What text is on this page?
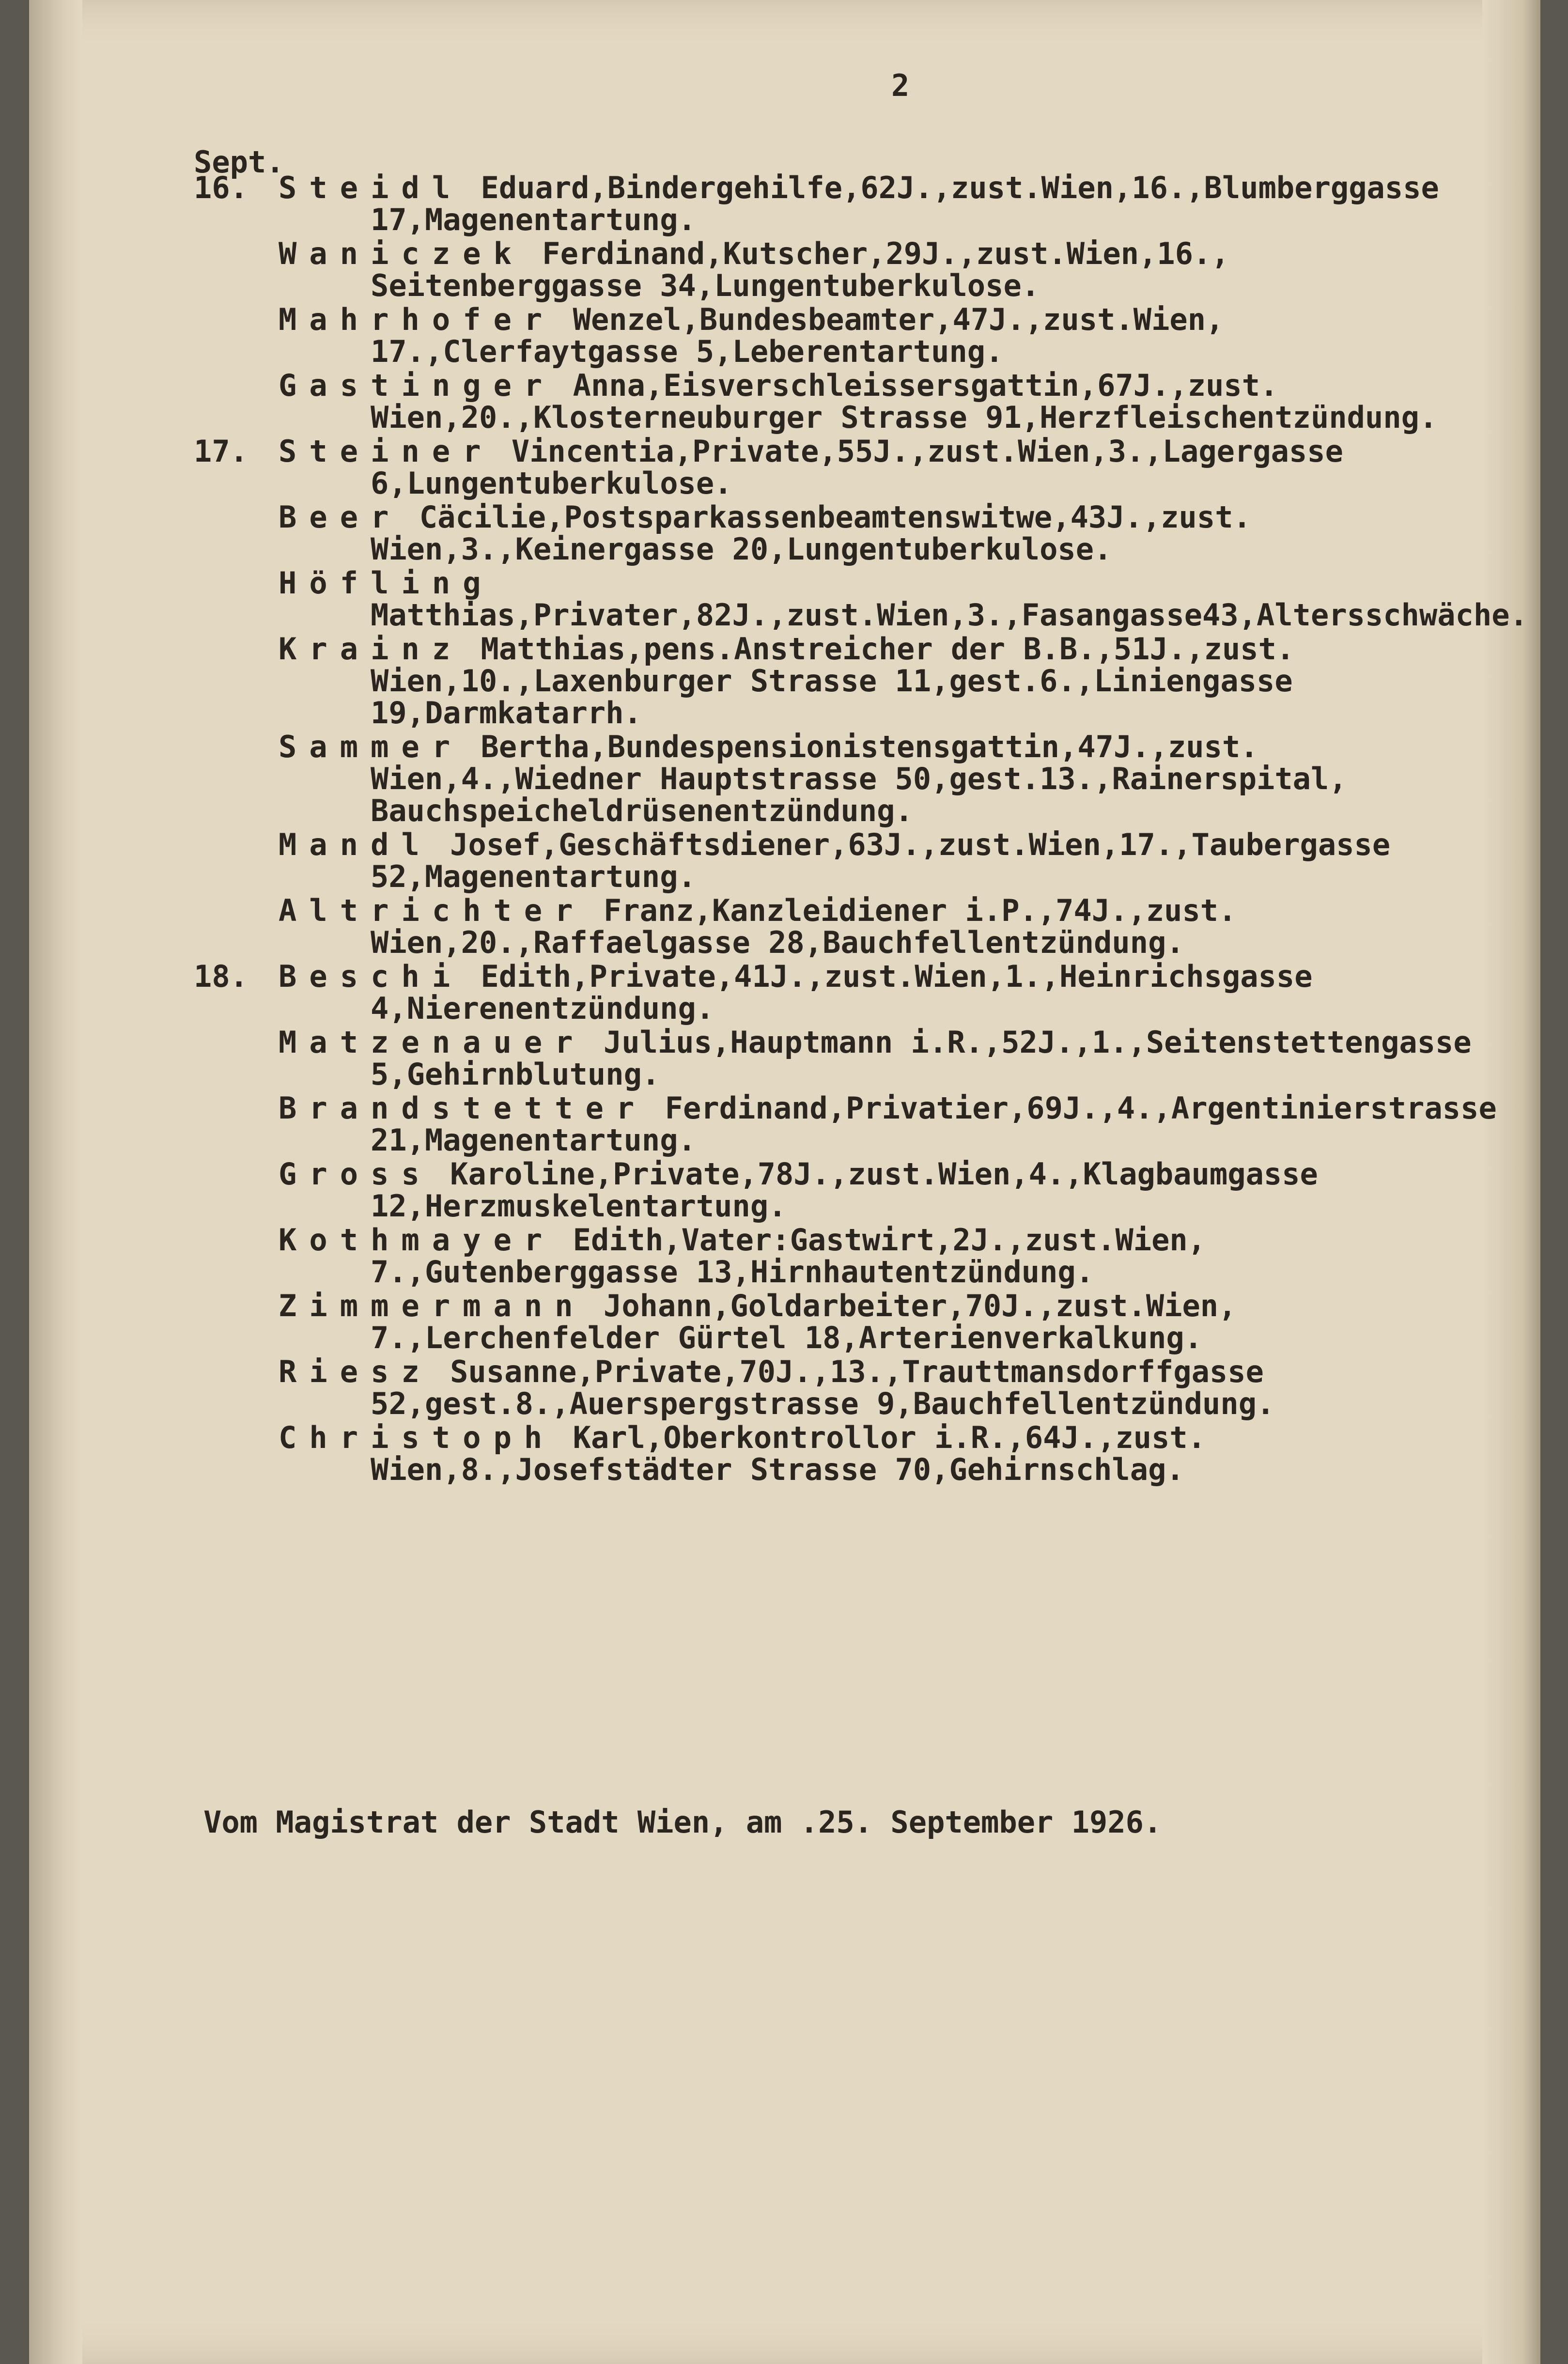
2
Sept.
16. Steidl Eduard,Bindergehilfe,62J.,zust.Wien,16.,Blumberggasse 17,Magenentartung.
Waniczek Ferdinand,Kutscher,29J.,zust.Wien,16., Seitenberggasse 34,Lungentuberkulose.
Mahrhofer Wenzel,Bundesbeamter,47J.,zust.Wien, 17.,Clerfaytgasse 5,Leberentartung.
Gastinger Anna,Eisverschleissersgattin,67J.,zust. Wien,20.,Klosterneuburger Strasse 91,Herzfleischentzündung.
17. Steiner Vincentia,Private,55J.,zust.Wien,3.,Lagergasse 6,Lungentuberkulose.
Beer Cäcilie,Postsparkassenbeamtenswitwe,43J.,zust. Wien,3.,Keinergasse 20,Lungentuberkulose.
Höfling Matthias,Privater,82J.,zust.Wien,3.,Fasangasse43,Altersschwäche.
Krainz Matthias,pens.Anstreicher der B.B.,51J.,zust. Wien,10.,Laxenburger Strasse 11,gest.6.,Liniengasse 19,Darmkatarrh.
Sammer Bertha,Bundespensionistensgattin,47J.,zust. Wien,4.,Wiedner Hauptstrasse 50,gest.13.,Rainerspital, Bauchspeicheldrüsenentzündung.
Mandl Josef,Geschäftsdiener,63J.,zust.Wien,17.,Taubergasse 52,Magenentartung.
Altrichter Franz,Kanzleidiener i.P.,74J.,zust. Wien,20.,Raffaelgasse 28,Bauchfellentzündung.
18. Beschi Edith,Private,41J.,zust.Wien,1.,Heinrichsgasse 4,Nierenentzündung.
Matzenauer Julius,Hauptmann i.R.,52J.,1.,Seitenstettengasse 5,Gehirnblutung.
Brandstetter Ferdinand,Privatier,69J.,4.,Argentinierstrasse 21,Magenentartung.
Gross Karoline,Private,78J.,zust.Wien,4.,Klagbaumgasse 12,Herzmuskelentartung.
Kothmayer Edith,Vater:Gastwirt,2J.,zust.Wien, 7.,Gutenberggasse 13,Hirnhautentzündung.
Zimmermann Johann,Goldarbeiter,70J.,zust.Wien, 7.,Lerchenfelder Gürtel 18,Arterienverkalkung.
Riesz Susanne,Private,70J.,13.,Trauttmansdorffgasse 52,gest.8.,Auerspergstrasse 9,Bauchfellentzündung.
Christoph Karl,Oberkontrollor i.R.,64J.,zust. Wien,8.,Josefstädter Strasse 70,Gehirnschlag.
Vom Magistrat der Stadt Wien, am .25. September 1926.
